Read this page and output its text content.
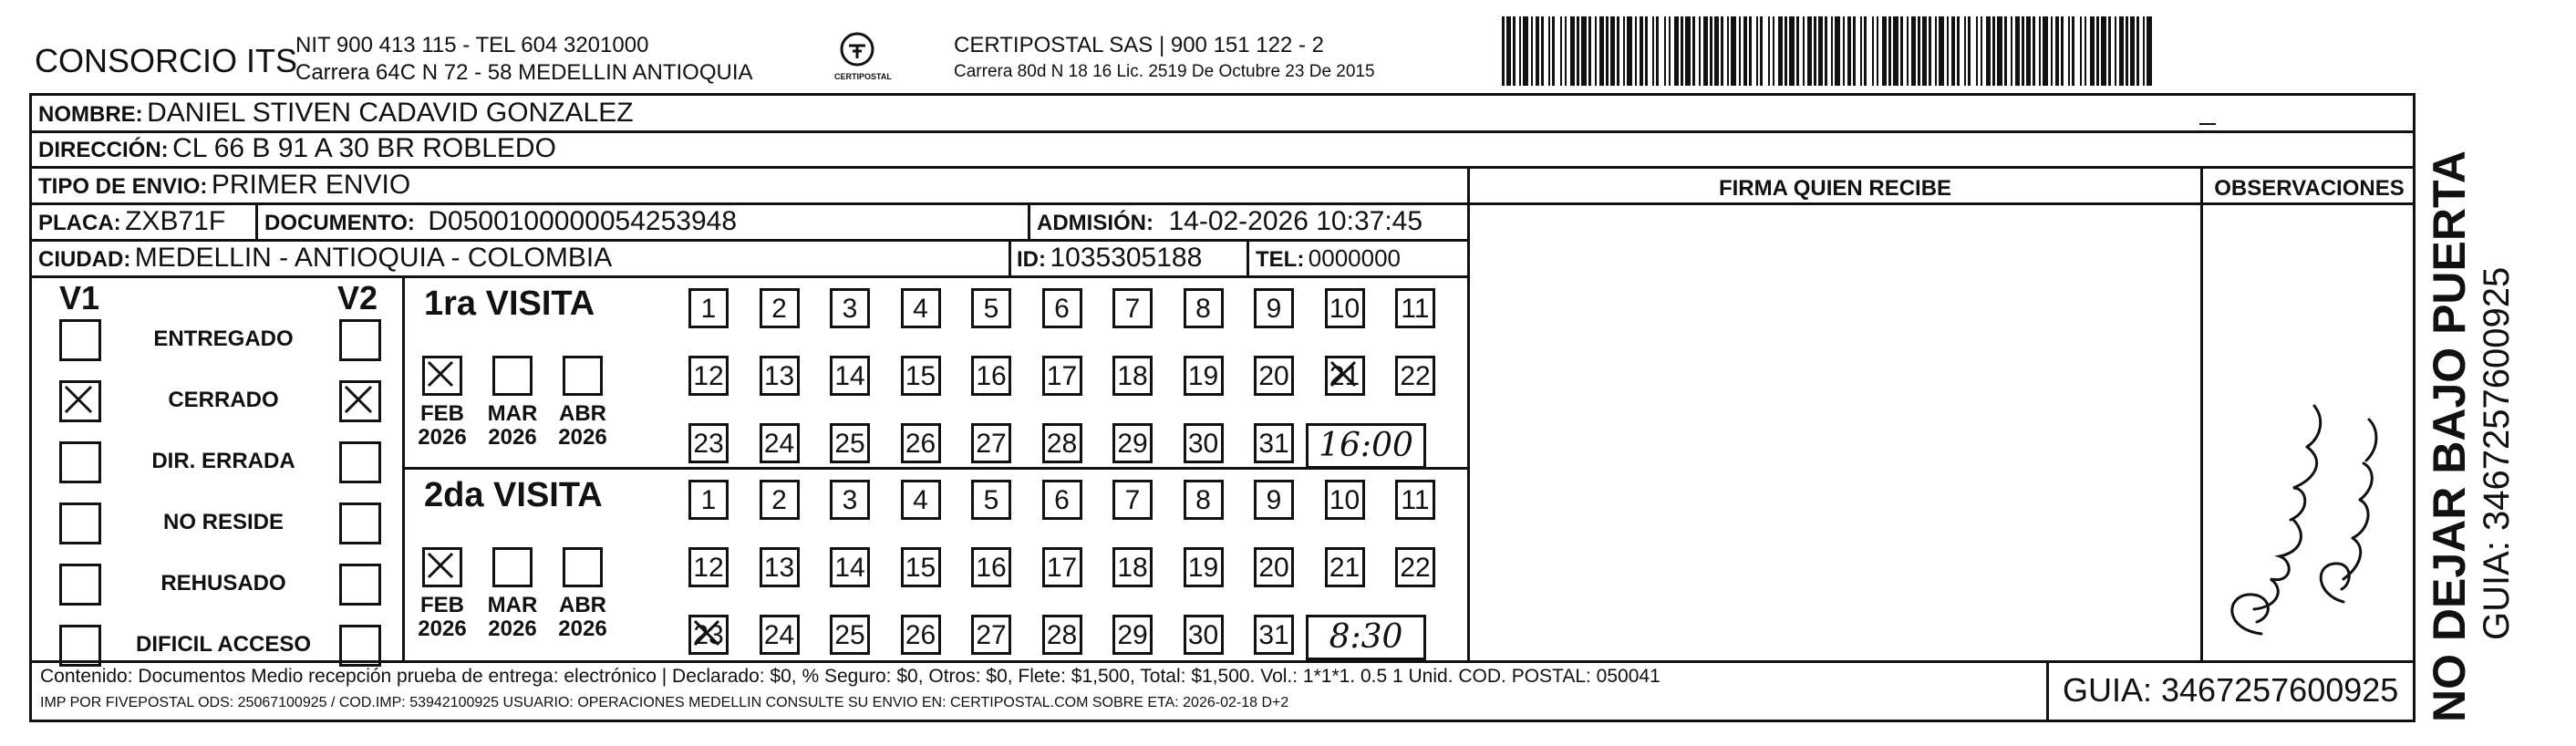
CONSORCIO ITS
NIT 900 413 115 - TEL 604 3201000
Carrera 64C N 72 - 58 MEDELLIN ANTIOQUIA	CERTIPOSTAL
CERTIPOSTAL SAS | 900 151 122 - 2
Carrera 80d N 18 16 Lic. 2519 De Octubre 23 De 2015
NOMBRE: DANIEL STIVEN CADAVID GONZALEZ
DIRECCIÓN: CL 66 B 91 A 30 BR ROBLEDO
TIPO DE ENVIO: PRIMER ENVIO	FIRMA QUIEN RECIBE	OBSERVACIONES
PLACA: ZXB71F DOCUMENTO: D0500100000054253948	ADMISIÓN: 14-02-2026 10:37:45
CIUDAD: MEDELLIN - ANTIOQUIA - COLOMBIA	ID: 1035305188 TEL: 0000000
V1	V2
ENTREGADO
CERRADO
DIR. ERRADA
NO RESIDE
REHUSADO
DIFICIL ACCESO
1ra VISITA
FEB
2026
MAR
2026
ABR
2026
1	2	3	4	5	6	7	8	9	10 11
12 13 14 15 16 17 18 19 20 21 22
23 24 25 26 27 28 29 30 31 16:00
2da VISITA
FEB
2026
MAR
2026
ABR
2026
1	2	3	4	5	6	7	8	9	10 11
12 13 14 15 16 17 18 19 20 21 22
23 24 25 26 27 28 29 30 31	8:30
Contenido: Documentos Medio recepción prueba de entrega: electrónico | Declarado: $0, % Seguro: $0, Otros: $0, Flete: $1,500, Total: $1,500. Vol.: 1*1*1. 0.5 1 Unid. COD. POSTAL: 050041
IMP POR FIVEPOSTAL ODS: 25067100925 / COD.IMP: 53942100925 USUARIO: OPERACIONES MEDELLIN CONSULTE SU ENVIO EN: CERTIPOSTAL.COM SOBRE ETA: 2026-02-18 D+2	GUIA: 3467257600925 NO DEJAR BAJO PUERTA GUIA: 3467257600925
